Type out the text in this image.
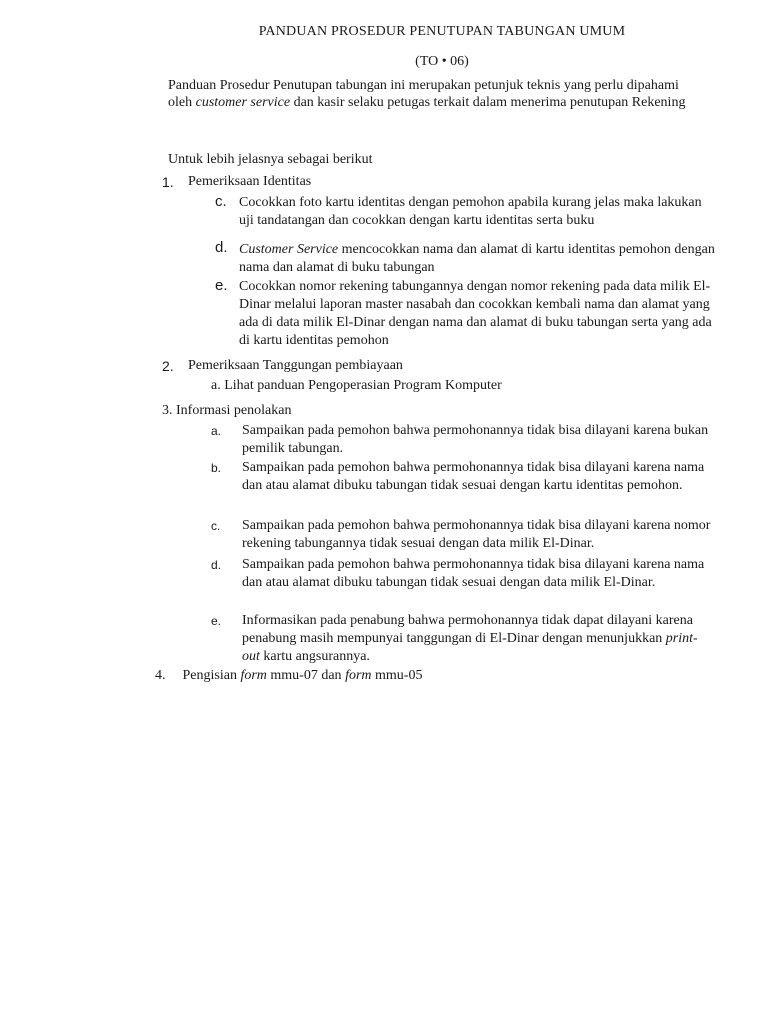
PANDUAN PROSEDUR PENUTUPAN TABUNGAN UMUM
(TO • 06)
Panduan Prosedur Penutupan tabungan ini merupakan petunjuk teknis yang perlu dipahami oleh customer service dan kasir selaku petugas terkait dalam menerima penutupan Rekening
Untuk lebih jelasnya sebagai berikut
1. Pemeriksaan Identitas
c. Cocokkan foto kartu identitas dengan pemohon apabila kurang jelas maka lakukan uji tandatangan dan cocokkan dengan kartu identitas serta buku
d. Customer Service mencocokkan nama dan alamat di kartu identitas pemohon dengan nama dan alamat di buku tabungan
e. Cocokkan nomor rekening tabungannya dengan nomor rekening pada data milik El-Dinar melalui laporan master nasabah dan cocokkan kembali nama dan alamat yang ada di data milik El-Dinar dengan nama dan alamat di buku tabungan serta yang ada di kartu identitas pemohon
2. Pemeriksaan Tanggungan pembiayaan
a. Lihat panduan Pengoperasian Program Komputer
3. Informasi penolakan
a. Sampaikan pada pemohon bahwa permohonannya tidak bisa dilayani karena bukan pemilik tabungan.
b. Sampaikan pada pemohon bahwa permohonannya tidak bisa dilayani karena nama dan atau alamat dibuku tabungan tidak sesuai dengan kartu identitas pemohon.
c. Sampaikan pada pemohon bahwa permohonannya tidak bisa dilayani karena nomor rekening tabungannya tidak sesuai dengan data milik El-Dinar.
d. Sampaikan pada pemohon bahwa permohonannya tidak bisa dilayani karena nama dan atau alamat dibuku tabungan tidak sesuai dengan data milik El-Dinar.
e. Informasikan pada penabung bahwa permohonannya tidak dapat dilayani karena penabung masih mempunyai tanggungan di El-Dinar dengan menunjukkan print-out kartu angsurannya.
4. Pengisian form mmu-07 dan form mmu-05
